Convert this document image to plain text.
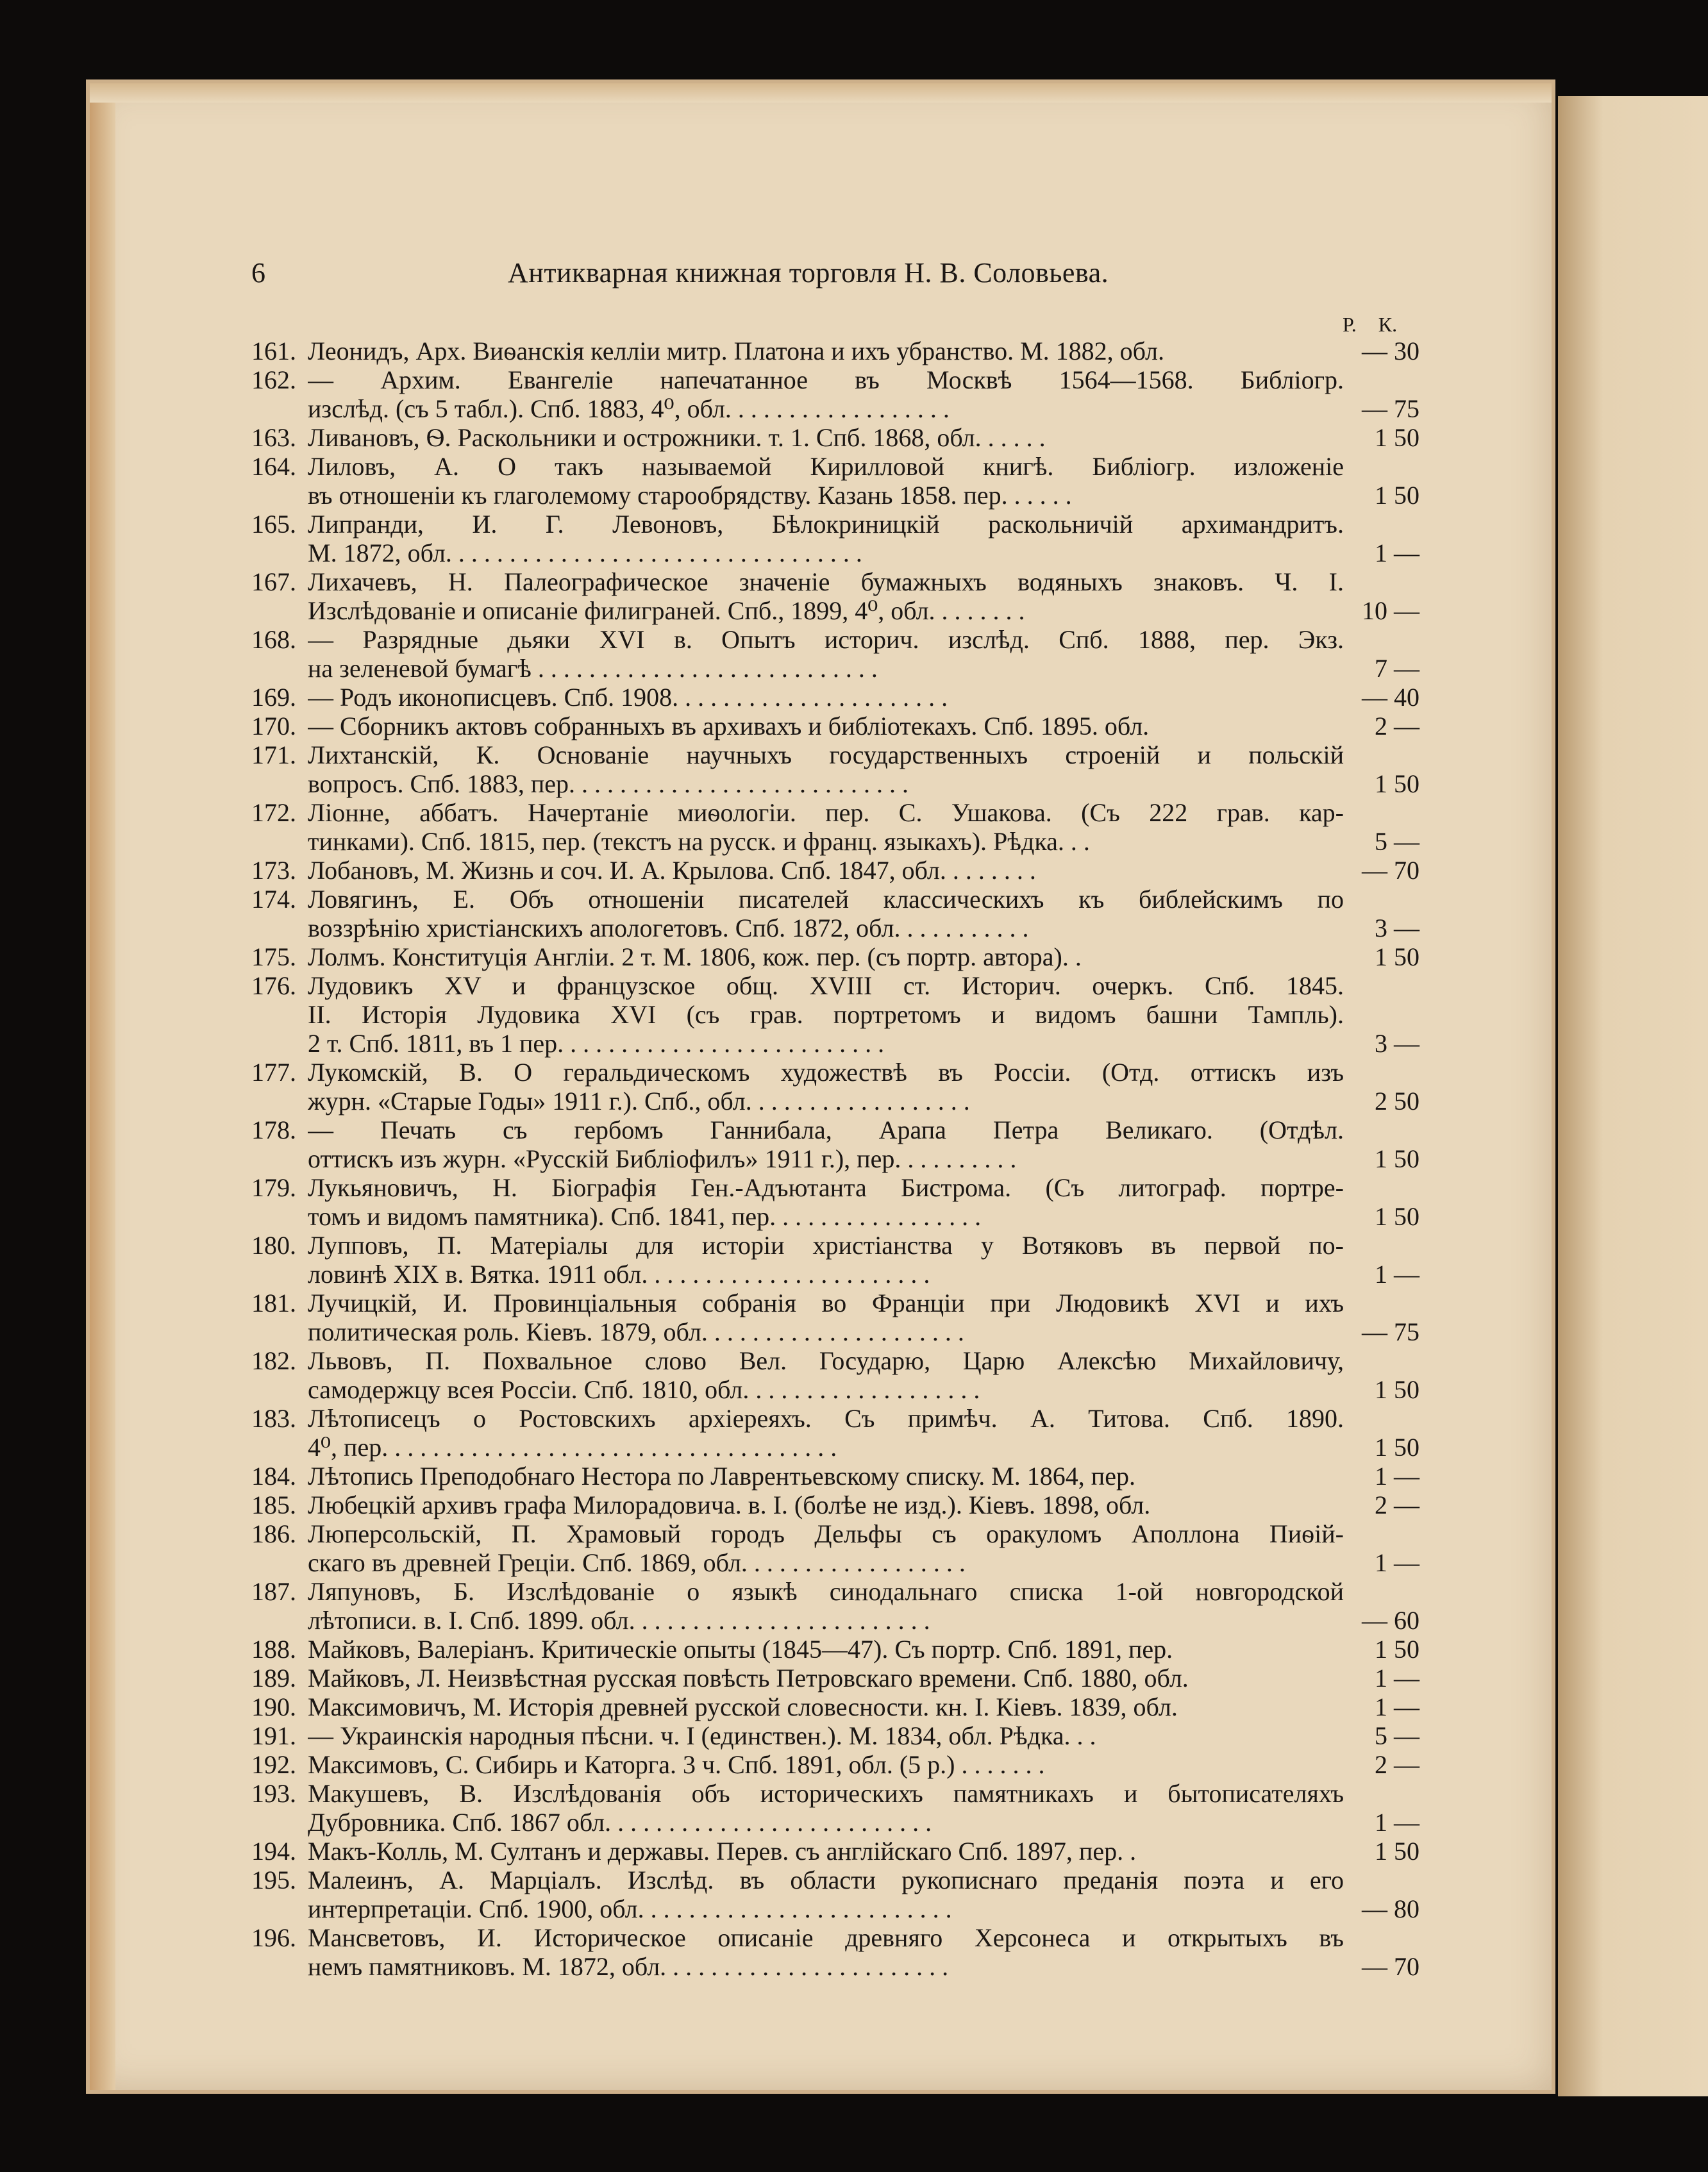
6	Антикварная книжная торговля Н. В. Соловьева.
Р. К.
161. Леонидъ, Арх. Виѳанскія келліи митр. Платона и ихъ убранство. М. 1882, обл.	— 30
162. — Архим. Евангеліе напечатанное въ Москвѣ 1564—1568. Библіогр.
изслѣд. (съ 5 табл.). Спб. 1883, 4⁰, обл. . . . . . . . . . . . . . . . . .	— 75
163. Ливановъ, Ѳ. Раскольники и острожники. т. 1. Спб. 1868, обл. . . . . .	1 50
164. Лиловъ, А. О такъ называемой Кирилловой книгѣ. Библіогр. изложеніе
въ отношеніи къ глаголемому старообрядству. Казань 1858. пер. . . . . .	1 50
165. Липранди, И. Г. Левоновъ, Бѣлокриницкій раскольничій архимандритъ.
М. 1872, обл. . . . . . . . . . . . . . . . . . . . . . . . . . . . . . . . .	1 —
167. Лихачевъ, Н. Палеографическое значеніе бумажныхъ водяныхъ знаковъ. Ч. I.
Изслѣдованіе и описаніе филиграней. Спб., 1899, 4⁰, обл. . . . . . . .	10 —
168. — Разрядные дьяки XVI в. Опытъ историч. изслѣд. Спб. 1888, пер. Экз.
на зеленевой бумагѣ . . . . . . . . . . . . . . . . . . . . . . . . . . .	7 —
169. — Родъ иконописцевъ. Спб. 1908. . . . . . . . . . . . . . . . . . . . . .	— 40
170. — Сборникъ актовъ собранныхъ въ архивахъ и библіотекахъ. Спб. 1895. обл.	2 —
171. Лихтанскій, К. Основаніе научныхъ государственныхъ строеній и польскій
вопросъ. Спб. 1883, пер. . . . . . . . . . . . . . . . . . . . . . . . . . .	1 50
172. Ліонне, аббатъ. Начертаніе миѳологіи. пер. С. Ушакова. (Съ 222 грав. кар-
тинками). Спб. 1815, пер. (текстъ на русск. и франц. языкахъ). Рѣдка. . .	5 —
173. Лобановъ, М. Жизнь и соч. И. А. Крылова. Спб. 1847, обл. . . . . . . .	— 70
174. Ловягинъ, Е. Объ отношеніи писателей классическихъ къ библейскимъ по
воззрѣнію христіанскихъ апологетовъ. Спб. 1872, обл. . . . . . . . . . .	3 —
175. Лолмъ. Конституція Англіи. 2 т. М. 1806, кож. пер. (съ портр. автора). .	1 50
176. Лудовикъ XV и французское общ. XVIII ст. Историч. очеркъ. Спб. 1845.
II. Исторія Лудовика XVI (съ грав. портретомъ и видомъ башни Тампль).
2 т. Спб. 1811, въ 1 пер. . . . . . . . . . . . . . . . . . . . . . . . . .	3 —
177. Лукомскій, В. О геральдическомъ художествѣ въ Россіи. (Отд. оттискъ изъ
журн. «Старые Годы» 1911 г.). Спб., обл. . . . . . . . . . . . . . . . . .	2 50
178. — Печать съ гербомъ Ганнибала, Арапа Петра Великаго. (Отдѣл.
оттискъ изъ журн. «Русскій Библіофилъ» 1911 г.), пер. . . . . . . . . .	1 50
179. Лукьяновичъ, Н. Біографія Ген.-Адъютанта Бистрома. (Съ литограф. портре-
томъ и видомъ памятника). Спб. 1841, пер. . . . . . . . . . . . . . . . .	1 50
180. Лупповъ, П. Матеріалы для исторіи христіанства у Вотяковъ въ первой по-
ловинѣ XIX в. Вятка. 1911 обл. . . . . . . . . . . . . . . . . . . . . . .	1 —
181. Лучицкій, И. Провинціальныя собранія во Франціи при Людовикѣ XVI и ихъ
политическая роль. Кіевъ. 1879, обл. . . . . . . . . . . . . . . . . . . . .	— 75
182. Львовъ, П. Похвальное слово Вел. Государю, Царю Алексѣю Михайловичу,
самодержцу всея Россіи. Спб. 1810, обл. . . . . . . . . . . . . . . . . . .	1 50
183. Лѣтописецъ о Ростовскихъ архіереяхъ. Съ примѣч. А. Титова. Спб. 1890.
4⁰, пер. . . . . . . . . . . . . . . . . . . . . . . . . . . . . . . . . . . .	1 50
184. Лѣтопись Преподобнаго Нестора по Лаврентьевскому списку. М. 1864, пер.	1 —
185. Любецкій архивъ графа Милорадовича. в. I. (болѣе не изд.). Кіевъ. 1898, обл.	2 —
186. Люперсольскій, П. Храмовый городъ Дельфы съ оракуломъ Аполлона Пиѳій-
скаго въ древней Греціи. Спб. 1869, обл. . . . . . . . . . . . . . . . . .	1 —
187. Ляпуновъ, Б. Изслѣдованіе о языкѣ синодальнаго списка 1-ой новгородской
лѣтописи. в. I. Спб. 1899. обл. . . . . . . . . . . . . . . . . . . . . . . .	— 60
188. Майковъ, Валеріанъ. Критическіе опыты (1845—47). Съ портр. Спб. 1891, пер.	1 50
189. Майковъ, Л. Неизвѣстная русская повѣсть Петровскаго времени. Спб. 1880, обл.	1 —
190. Максимовичъ, М. Исторія древней русской словесности. кн. I. Кіевъ. 1839, обл.	1 —
191. — Украинскія народныя пѣсни. ч. I (единствен.). М. 1834, обл. Рѣдка. . .	5 —
192. Максимовъ, С. Сибирь и Каторга. 3 ч. Спб. 1891, обл. (5 р.) . . . . . . .	2 —
193. Макушевъ, В. Изслѣдованія объ историческихъ памятникахъ и бытописателяхъ
Дубровника. Спб. 1867 обл. . . . . . . . . . . . . . . . . . . . . . . . . .	1 —
194. Макъ-Колль, М. Султанъ и державы. Перев. съ англійскаго Спб. 1897, пер. .	1 50
195. Малеинъ, А. Марціалъ. Изслѣд. въ области рукописнаго преданія поэта и его
интерпретаціи. Спб. 1900, обл. . . . . . . . . . . . . . . . . . . . . . . . .	— 80
196. Мансветовъ, И. Историческое описаніе древняго Херсонеса и открытыхъ въ
немъ памятниковъ. М. 1872, обл. . . . . . . . . . . . . . . . . . . . . . .	— 70
